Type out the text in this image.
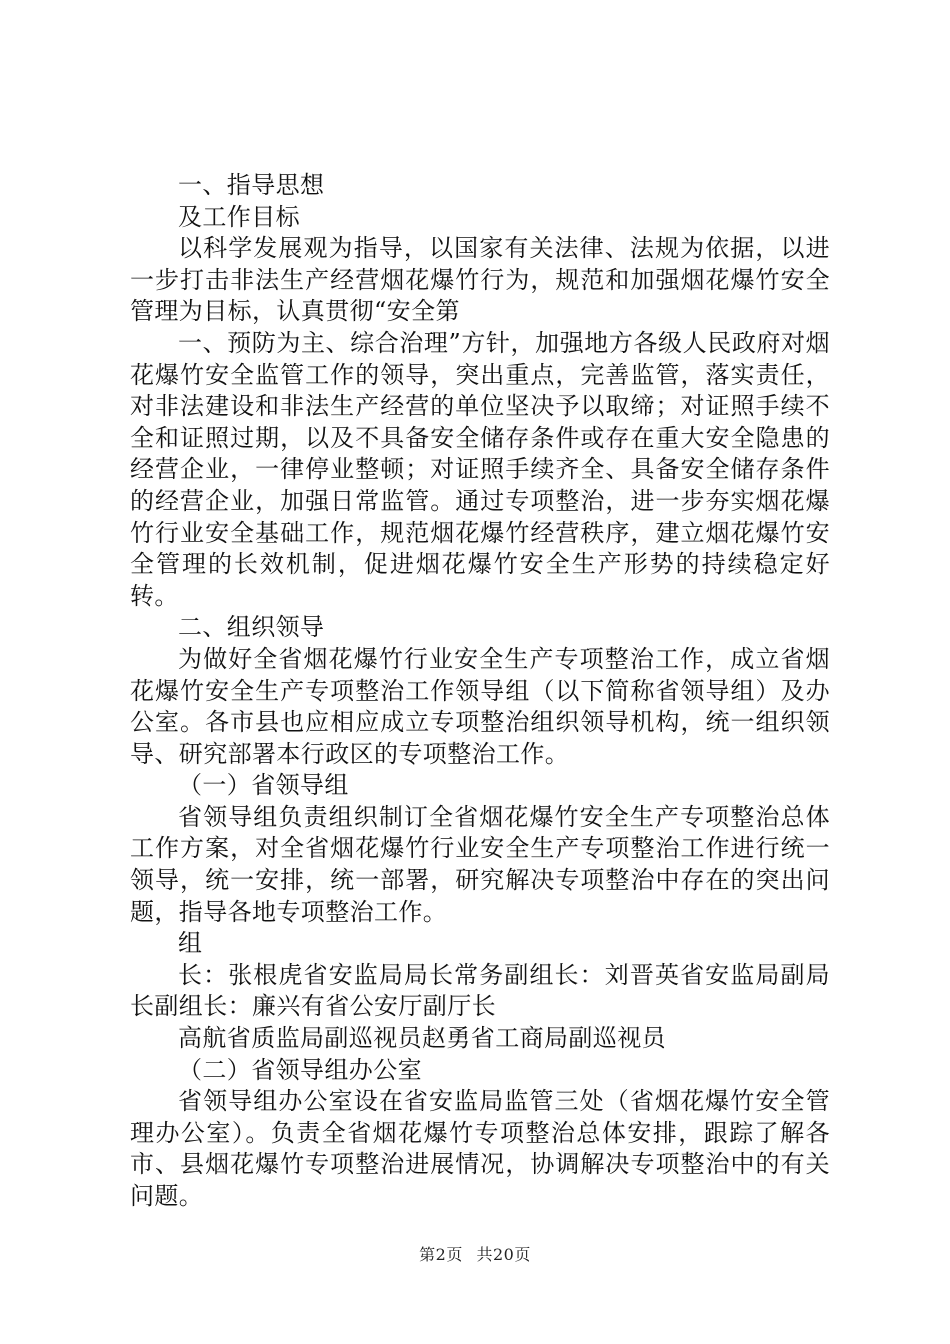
一、指导思想

及工作目标

以科学发展观为指导，以国家有关法律、法规为依据，以进一步打击非法生产经营烟花爆竹行为，规范和加强烟花爆竹安全管理为目标，认真贯彻“安全第

一、预防为主、综合治理”方针，加强地方各级人民政府对烟花爆竹安全监管工作的领导，突出重点，完善监管，落实责任，对非法建设和非法生产经营的单位坚决予以取缔；对证照手续不全和证照过期，以及不具备安全储存条件或存在重大安全隐患的经营企业，一律停业整顿；对证照手续齐全、具备安全储存条件的经营企业，加强日常监管。通过专项整治，进一步夯实烟花爆竹行业安全基础工作，规范烟花爆竹经营秩序，建立烟花爆竹安全管理的长效机制，促进烟花爆竹安全生产形势的持续稳定好转。

二、组织领导

为做好全省烟花爆竹行业安全生产专项整治工作，成立省烟花爆竹安全生产专项整治工作领导组（以下简称省领导组）及办公室。各市县也应相应成立专项整治组织领导机构，统一组织领导、研究部署本行政区的专项整治工作。

（一）省领导组

省领导组负责组织制订全省烟花爆竹安全生产专项整治总体工作方案，对全省烟花爆竹行业安全生产专项整治工作进行统一领导，统一安排，统一部署，研究解决专项整治中存在的突出问题，指导各地专项整治工作。

组

长：张根虎省安监局局长常务副组长：刘晋英省安监局副局长副组长：廉兴有省公安厅副厅长

高航省质监局副巡视员赵勇省工商局副巡视员

（二）省领导组办公室

省领导组办公室设在省安监局监管三处（省烟花爆竹安全管理办公室）。负责全省烟花爆竹专项整治总体安排，跟踪了解各市、县烟花爆竹专项整治进展情况，协调解决专项整治中的有关问题。

第2页 共20页
